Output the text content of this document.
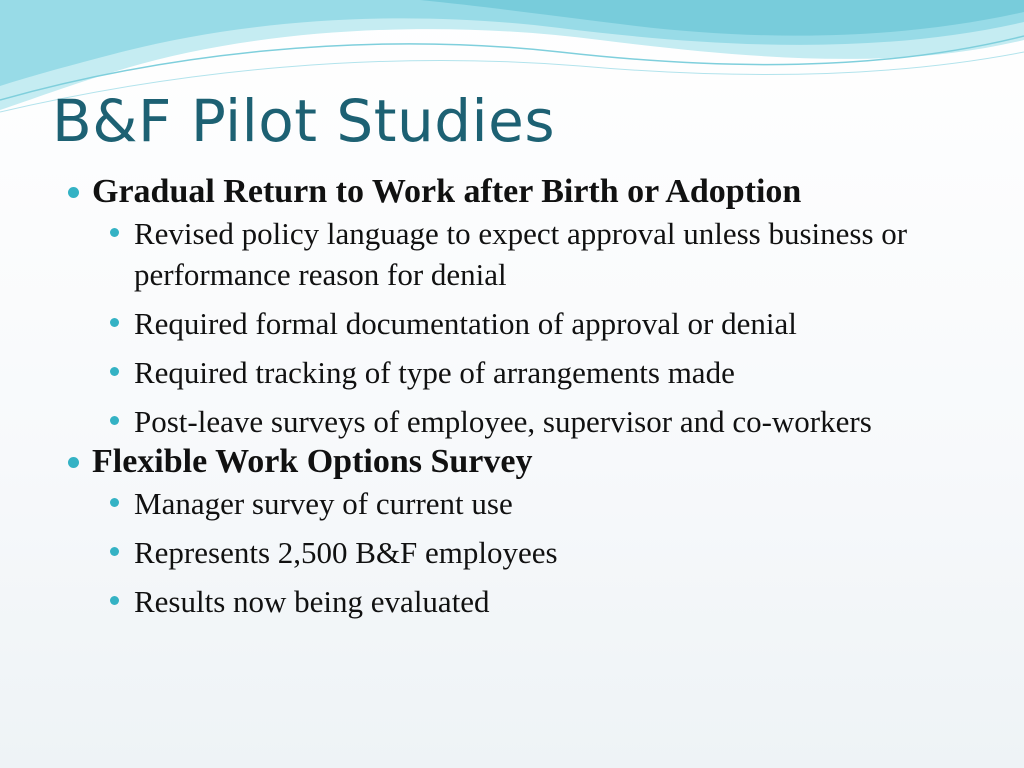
B&F Pilot Studies
Gradual Return to Work after Birth or Adoption
Revised policy language to expect approval unless business or performance reason for denial
Required formal documentation of approval or denial
Required tracking of type of arrangements made
Post-leave surveys of employee, supervisor and co-workers
Flexible Work Options Survey
Manager survey of current use
Represents 2,500 B&F employees
Results now being evaluated
